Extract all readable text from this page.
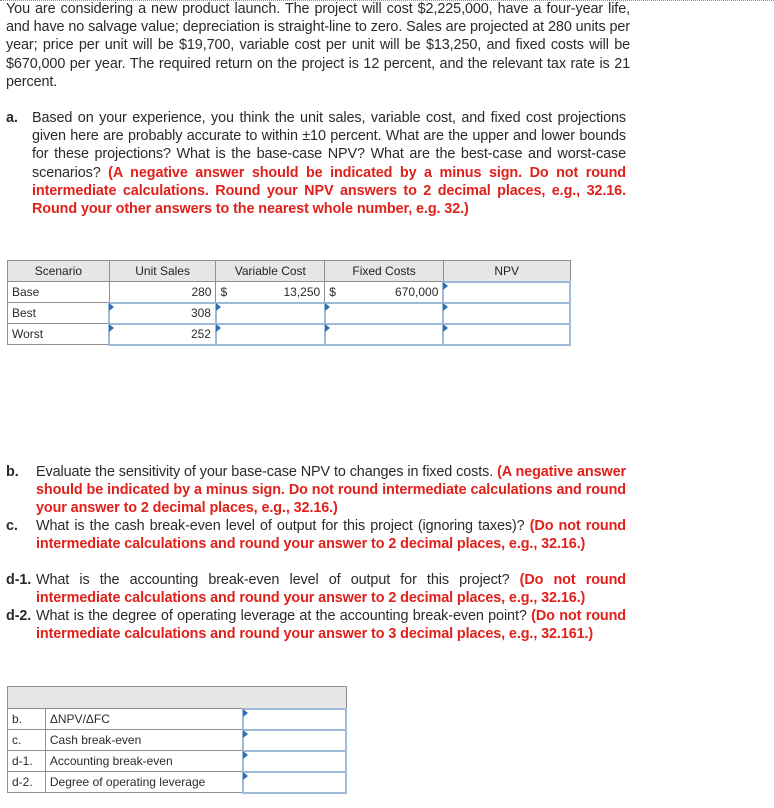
You are considering a new product launch. The project will cost $2,225,000, have a four-year life, and have no salvage value; depreciation is straight-line to zero. Sales are projected at 280 units per year; price per unit will be $19,700, variable cost per unit will be $13,250, and fixed costs will be $670,000 per year. The required return on the project is 12 percent, and the relevant tax rate is 21 percent.
a. Based on your experience, you think the unit sales, variable cost, and fixed cost projections given here are probably accurate to within ±10 percent. What are the upper and lower bounds for these projections? What is the base-case NPV? What are the best-case and worst-case scenarios? (A negative answer should be indicated by a minus sign. Do not round intermediate calculations. Round your NPV answers to 2 decimal places, e.g., 32.16. Round your other answers to the nearest whole number, e.g. 32.)
Scenario	Unit Sales	Variable Cost	Fixed Costs	NPV
Base	280	$ 13,250	$ 670,000	

Best	308			
Worst	252			
b. Evaluate the sensitivity of your base-case NPV to changes in fixed costs. (A negative answer should be indicated by a minus sign. Do not round intermediate calculations and round your answer to 2 decimal places, e.g., 32.16.)
c. What is the cash break-even level of output for this project (ignoring taxes)? (Do not round intermediate calculations and round your answer to 2 decimal places, e.g., 32.16.)
d-1. What is the accounting break-even level of output for this project? (Do not round intermediate calculations and round your answer to 2 decimal places, e.g., 32.16.)
d-2. What is the degree of operating leverage at the accounting break-even point? (Do not round intermediate calculations and round your answer to 3 decimal places, e.g., 32.161.)

b.	ΔNPV/ΔFC	
c.	Cash break-even	
d-1.	Accounting break-even	
d-2.	Degree of operating leverage	
